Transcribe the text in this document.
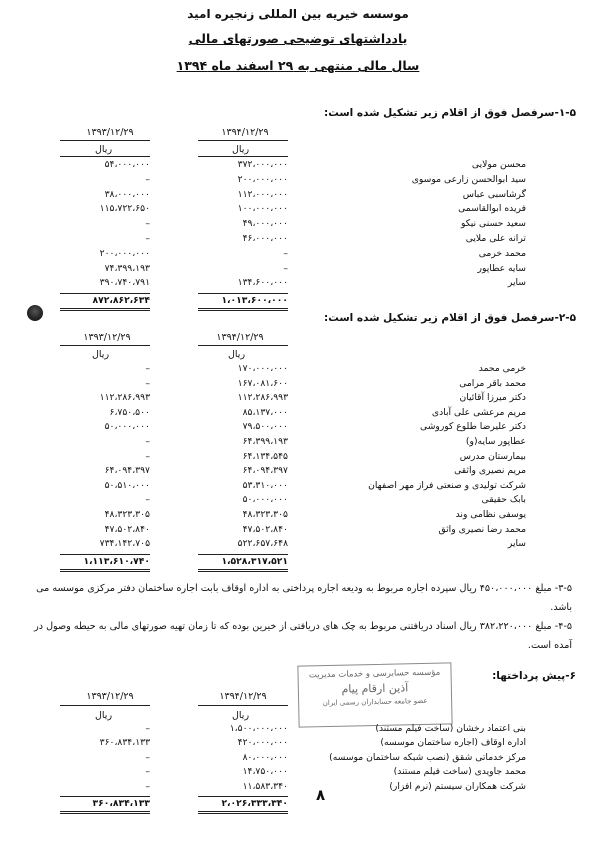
موسسه خیریه بین المللی زنجیره امید
یادداشتهای توضیحی صورتهای مالی
سال مالی منتهی به ۲۹ اسفند ماه ۱۳۹۴
۱-۵-سرفصل فوق از اقلام زیر تشکیل شده است:
۱۳۹۴/۱۲/۲۹
۱۳۹۳/۱۲/۲۹
ریال
ریال
محسن مولایی
۳۷۲،۰۰۰،۰۰۰
۵۴،۰۰۰،۰۰۰
سید ابوالحسن زارعی موسوی
۲۰۰،۰۰۰،۰۰۰
–
گرشاسبی عباس
۱۱۲،۰۰۰،۰۰۰
۳۸،۰۰۰،۰۰۰
فریده ابوالقاسمی
۱۰۰،۰۰۰،۰۰۰
۱۱۵،۷۲۲،۶۵۰
سعید حسنی نیکو
۴۹،۰۰۰،۰۰۰
–
ترانه علی ملایی
۴۶،۰۰۰،۰۰۰
–
محمد خرمی
–
۲۰۰،۰۰۰،۰۰۰
سایه عطاپور
–
۷۴،۳۹۹،۱۹۳
سایر
۱۳۴،۶۰۰،۰۰۰
۳۹۰،۷۴۰،۷۹۱
۱،۰۱۳،۶۰۰،۰۰۰
۸۷۲،۸۶۲،۶۳۴
۲-۵-سرفصل فوق از اقلام زیر تشکیل شده است:
۱۳۹۴/۱۲/۲۹
۱۳۹۳/۱۲/۲۹
ریال
ریال
خرمی محمد
۱۷۰،۰۰۰،۰۰۰
–
محمد باقر مرامی
۱۶۷،۰۸۱،۶۰۰
–
دکتر میرزا آقائیان
۱۱۲،۲۸۶،۹۹۳
۱۱۲،۲۸۶،۹۹۳
مریم مرعشی علی آبادی
۸۵،۱۳۷،۰۰۰
۶،۷۵۰،۵۰۰
دکتر علیرضا طلوع کوروشی
۷۹،۵۰۰،۰۰۰
۵۰،۰۰۰،۰۰۰
عطاپور سایه(و)
۶۴،۳۹۹،۱۹۳
–
بیمارستان مدرس
۶۴،۱۳۴،۵۴۵
–
مریم نصیری واثقی
۶۴،۰۹۴،۳۹۷
۶۴،۰۹۴،۳۹۷
شرکت تولیدی و صنعتی فراز مهر اصفهان
۵۳،۳۱۰،۰۰۰
۵۰،۵۱۰،۰۰۰
بابک حقیقی
۵۰،۰۰۰،۰۰۰
–
یوسفی نظامی وند
۴۸،۳۲۳،۳۰۵
۴۸،۳۲۳،۳۰۵
محمد رضا نصیری واثق
۴۷،۵۰۲،۸۴۰
۴۷،۵۰۲،۸۴۰
سایر
۵۲۲،۶۵۷،۶۴۸
۷۳۴،۱۴۲،۷۰۵
۱،۵۲۸،۳۱۷،۵۲۱
۱،۱۱۳،۶۱۰،۷۴۰
۳-۵- مبلغ ۴۵۰،۰۰۰،۰۰۰ ریال سپرده اجاره مربوط به ودیعه اجاره پرداختی به اداره اوقاف بابت اجاره ساختمان دفتر مرکزی موسسه می باشد.
۴-۵- مبلغ ۳۸۲،۲۲۰،۰۰۰ ریال اسناد دریافتنی مربوط به چک های دریافتی از خیرین بوده که تا زمان تهیه صورتهای مالی به حیطه وصول در آمده است.
۶-پیش پرداختها:
مؤسسه حسابرسی و خدمات مدیریت
آذین ارقام پیام
عضو جامعه حسابداران رسمی ایران
۱۳۹۴/۱۲/۲۹
۱۳۹۳/۱۲/۲۹
ریال
ریال
بنی اعتماد رخشان (ساخت فیلم مستند)
۱،۵۰۰،۰۰۰،۰۰۰
–
اداره اوقاف (اجاره ساختمان موسسه)
۴۲۰،۰۰۰،۰۰۰
۳۶۰،۸۳۴،۱۳۳
مرکز خدماتی شقق (نصب شبکه ساختمان موسسه)
۸۰،۰۰۰،۰۰۰
–
محمد جاویدی (ساخت فیلم مستند)
۱۴،۷۵۰،۰۰۰
–
شرکت همکاران سیستم (نرم افزار)
۱۱،۵۸۳،۳۴۰
–
۲،۰۲۶،۳۳۳،۳۴۰
۳۶۰،۸۳۴،۱۳۳	۸
